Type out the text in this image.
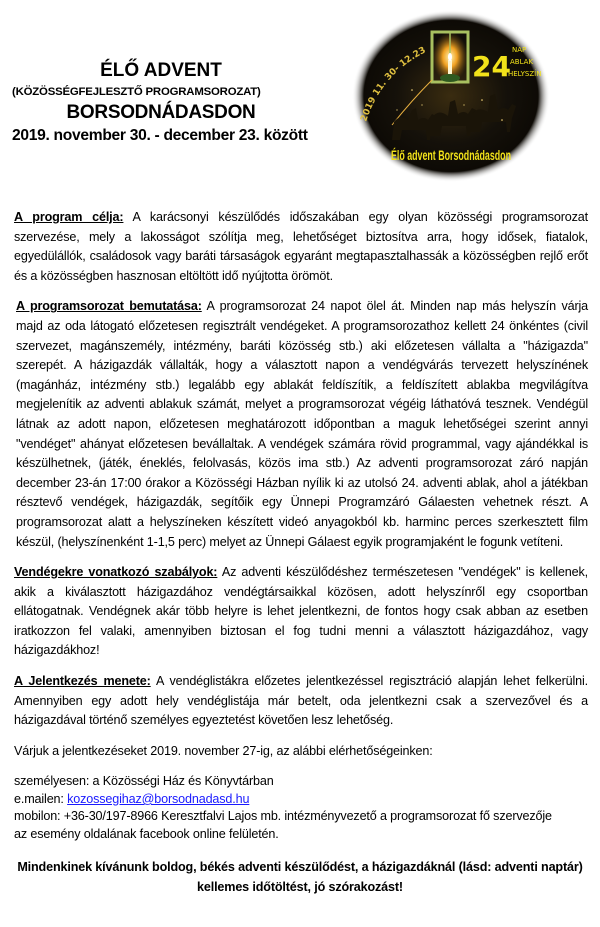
ÉLŐ ADVENT
(KÖZÖSSÉGFEJLESZTŐ PROGRAMSOROZAT)
BORSODNÁDASDON
2019. november 30. - december 23. között
2019 11. 30- 12.23 24 NAP
ABLAK
HELYSZÍN
Élő advent Borsodnádasdon
A program célja: A karácsonyi készülődés időszakában egy olyan közösségi programsorozat szervezése, mely a lakosságot szólítja meg, lehetőséget biztosítva arra, hogy idősek, fiatalok, egyedülállók, családosok vagy baráti társaságok egyaránt megtapasztalhassák a közösségben rejlő erőt és a közösségben hasznosan eltöltött idő nyújtotta örömöt.
A programsorozat bemutatása: A programsorozat 24 napot ölel át. Minden nap más helyszín várja majd az oda látogató előzetesen regisztrált vendégeket. A programsorozathoz kellett 24 önkéntes (civil szervezet, magánszemély, intézmény, baráti közösség stb.) aki előzetesen vállalta a "házigazda" szerepét. A házigazdák vállalták, hogy a választott napon a vendégvárás tervezett helyszínének (magánház, intézmény stb.) legalább egy ablakát feldíszítik, a feldíszített ablakba megvilágítva megjelenítik az adventi ablakuk számát, melyet a programsorozat végéig láthatóvá tesznek. Vendégül látnak az adott napon, előzetesen meghatározott időpontban a maguk lehetőségei szerint annyi "vendéget" ahányat előzetesen bevállaltak. A vendégek számára rövid programmal, vagy ajándékkal is készülhetnek, (játék, éneklés, felolvasás, közös ima stb.) Az adventi programsorozat záró napján december 23-án 17:00 órakor a Közösségi Házban nyílik ki az utolsó 24. adventi ablak, ahol a játékban résztevő vendégek, házigazdák, segítőik egy Ünnepi Programzáró Gálaesten vehetnek részt. A programsorozat alatt a helyszíneken készített videó anyagokból kb. harminc perces szerkesztett film készül, (helyszínenként 1-1,5 perc) melyet az Ünnepi Gálaest egyik programjaként le fogunk vetíteni.
Vendégekre vonatkozó szabályok: Az adventi készülődéshez természetesen "vendégek" is kellenek, akik a kiválasztott házigazdához vendégtársaikkal közösen, adott helyszínről egy csoportban ellátogatnak. Vendégnek akár több helyre is lehet jelentkezni, de fontos hogy csak abban az esetben iratkozzon fel valaki, amennyiben biztosan el fog tudni menni a választott házigazdához, vagy házigazdákhoz!
A Jelentkezés menete: A vendéglistákra előzetes jelentkezéssel regisztráció alapján lehet felkerülni. Amennyiben egy adott hely vendéglistája már betelt, oda jelentkezni csak a szervezővel és a házigazdával történő személyes egyeztetést követően lesz lehetőség.
Várjuk a jelentkezéseket 2019. november 27-ig, az alábbi elérhetőségeinken:
személyesen: a Közösségi Ház és Könyvtárban
e.mailen: kozossegihaz@borsodnadasd.hu
mobilon: +36-30/197-8966 Keresztfalvi Lajos mb. intézményvezető a programsorozat fő szervezője
az esemény oldalának facebook online felületén.
Mindenkinek kívánunk boldog, békés adventi készülődést, a házigazdáknál (lásd: adventi naptár)
kellemes időtöltést, jó szórakozást!
